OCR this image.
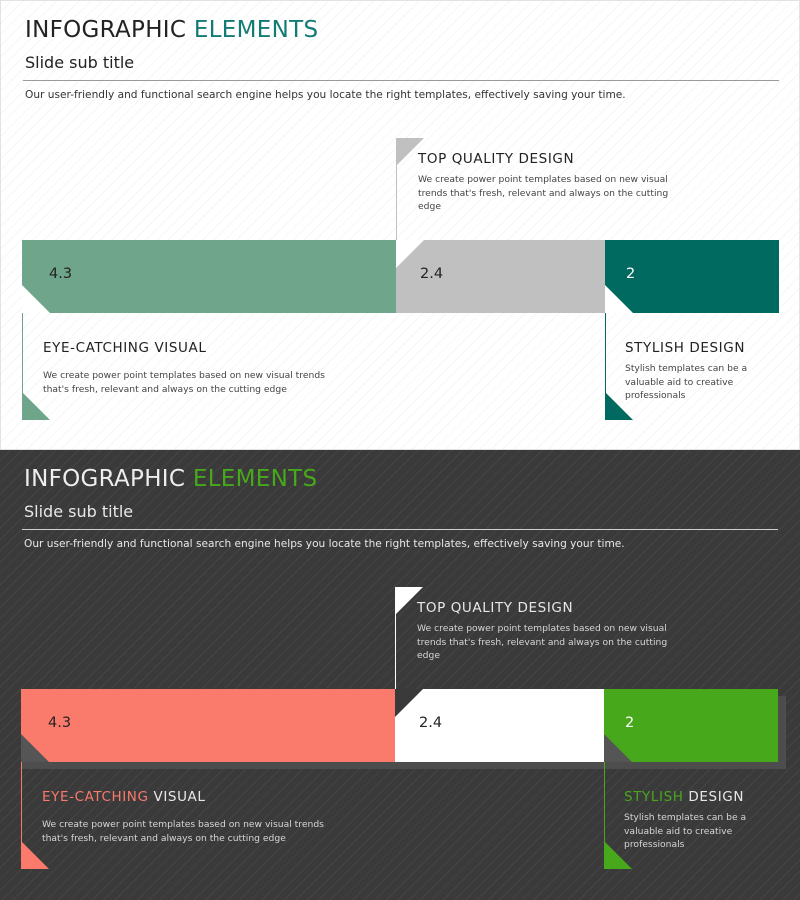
INFOGRAPHIC ELEMENTS
Slide sub title
Our user-friendly and functional search engine helps you locate the right templates, effectively saving your time.
4.3	2.4	2
TOP QUALITY DESIGN
We create power point templates based on new visual trends that's fresh, relevant and always on the cutting edge
EYE-CATCHING VISUAL
We create power point templates based on new visual trends that's fresh, relevant and always on the cutting edge
STYLISH DESIGN
Stylish templates can be a valuable aid to creative professionals
INFOGRAPHIC ELEMENTS
Slide sub title
Our user-friendly and functional search engine helps you locate the right templates, effectively saving your time.
4.3	2.4	2
TOP QUALITY DESIGN
We create power point templates based on new visual trends that's fresh, relevant and always on the cutting edge
EYE-CATCHING VISUAL
We create power point templates based on new visual trends that's fresh, relevant and always on the cutting edge
STYLISH DESIGN
Stylish templates can be a valuable aid to creative professionals
